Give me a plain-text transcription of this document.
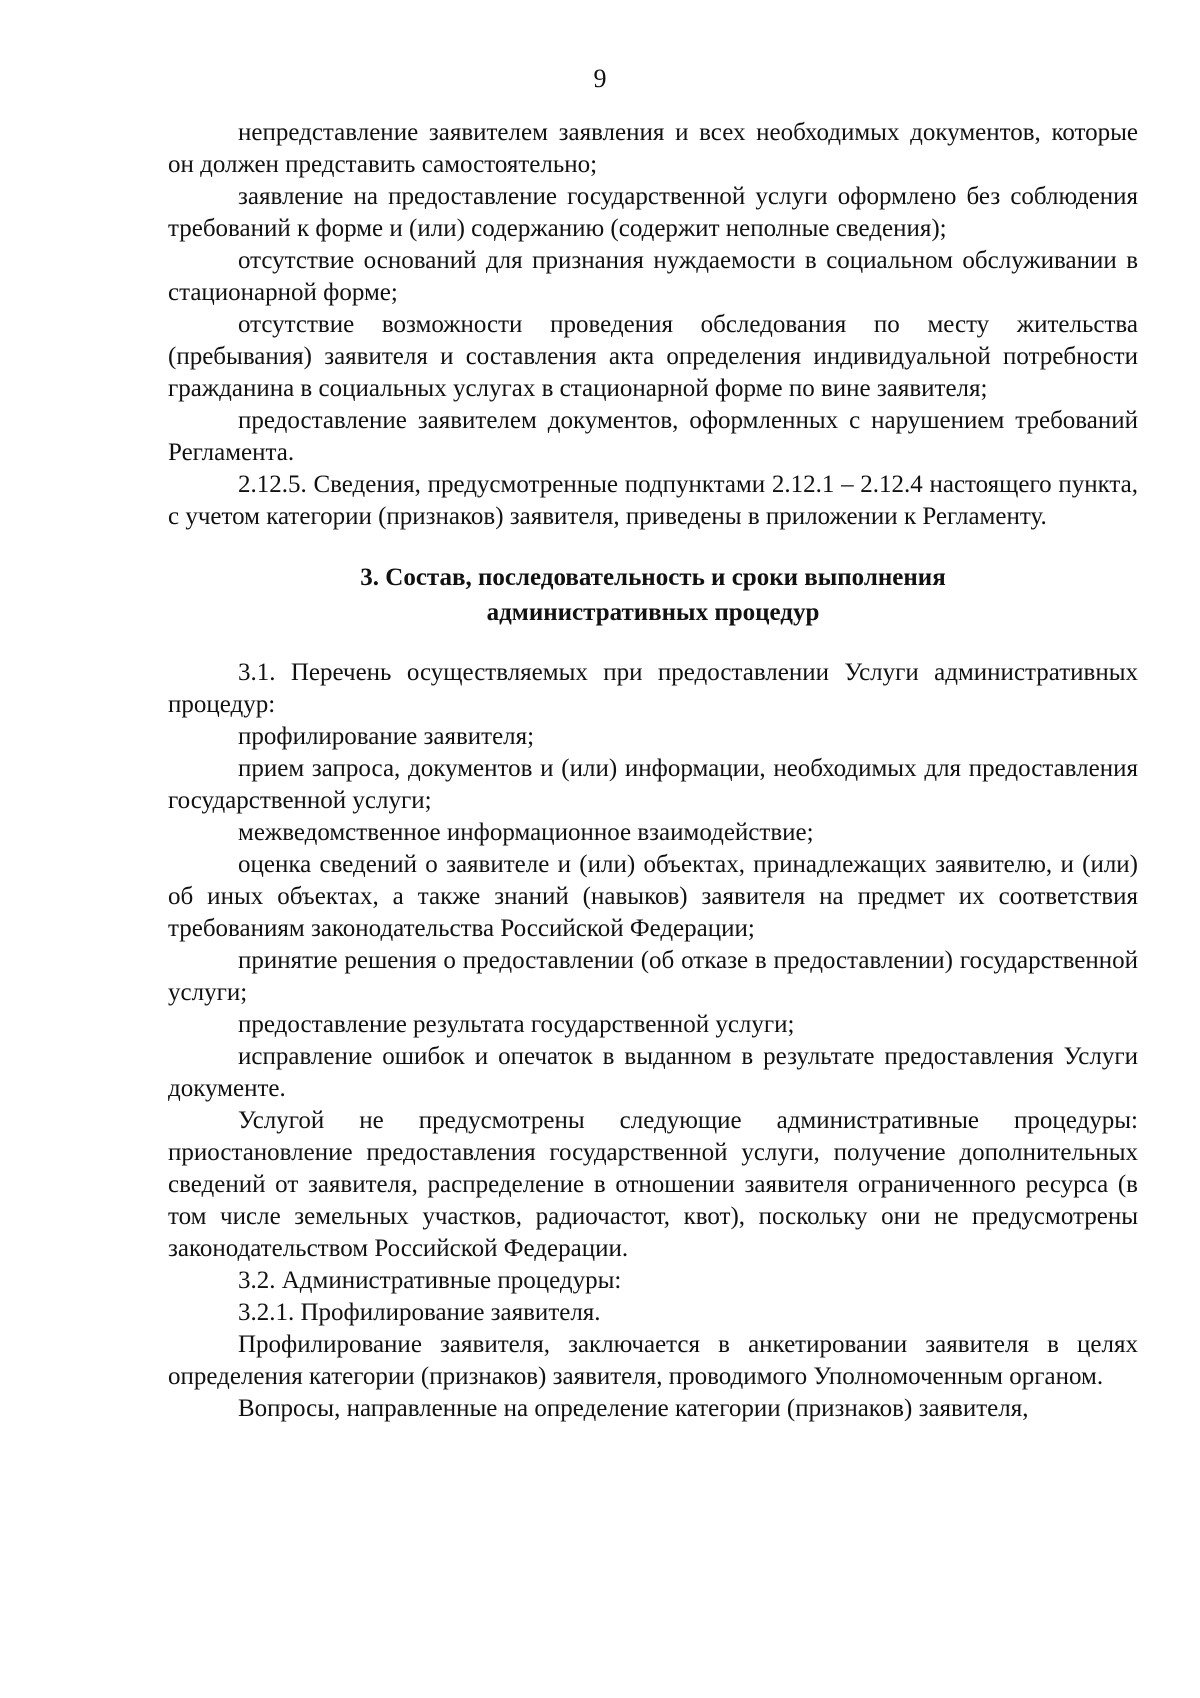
9

непредставление заявителем заявления и всех необходимых документов, которые он должен представить самостоятельно;

заявление на предоставление государственной услуги оформлено без соблюдения требований к форме и (или) содержанию (содержит неполные сведения);

отсутствие оснований для признания нуждаемости в социальном обслуживании в стационарной форме;

отсутствие возможности проведения обследования по месту жительства (пребывания) заявителя и составления акта определения индивидуальной потребности гражданина в социальных услугах в стационарной форме по вине заявителя;

предоставление заявителем документов, оформленных с нарушением требований Регламента.

2.12.5. Сведения, предусмотренные подпунктами 2.12.1 – 2.12.4 настоящего пункта, с учетом категории (признаков) заявителя, приведены в приложении к Регламенту.

3. Состав, последовательность и сроки выполнения
административных процедур

3.1. Перечень осуществляемых при предоставлении Услуги административных процедур:

профилирование заявителя;

прием запроса, документов и (или) информации, необходимых для предоставления государственной услуги;

межведомственное информационное взаимодействие;

оценка сведений о заявителе и (или) объектах, принадлежащих заявителю, и (или) об иных объектах, а также знаний (навыков) заявителя на предмет их соответствия требованиям законодательства Российской Федерации;

принятие решения о предоставлении (об отказе в предоставлении) государственной услуги;

предоставление результата государственной услуги;

исправление ошибок и опечаток в выданном в результате предоставления Услуги документе.

Услугой не предусмотрены следующие административные процедуры: приостановление предоставления государственной услуги, получение дополнительных сведений от заявителя, распределение в отношении заявителя ограниченного ресурса (в том числе земельных участков, радиочастот, квот), поскольку они не предусмотрены законодательством Российской Федерации.

3.2. Административные процедуры:

3.2.1. Профилирование заявителя.

Профилирование заявителя, заключается в анкетировании заявителя в целях определения категории (признаков) заявителя, проводимого Уполномоченным органом.

Вопросы, направленные на определение категории (признаков) заявителя,
